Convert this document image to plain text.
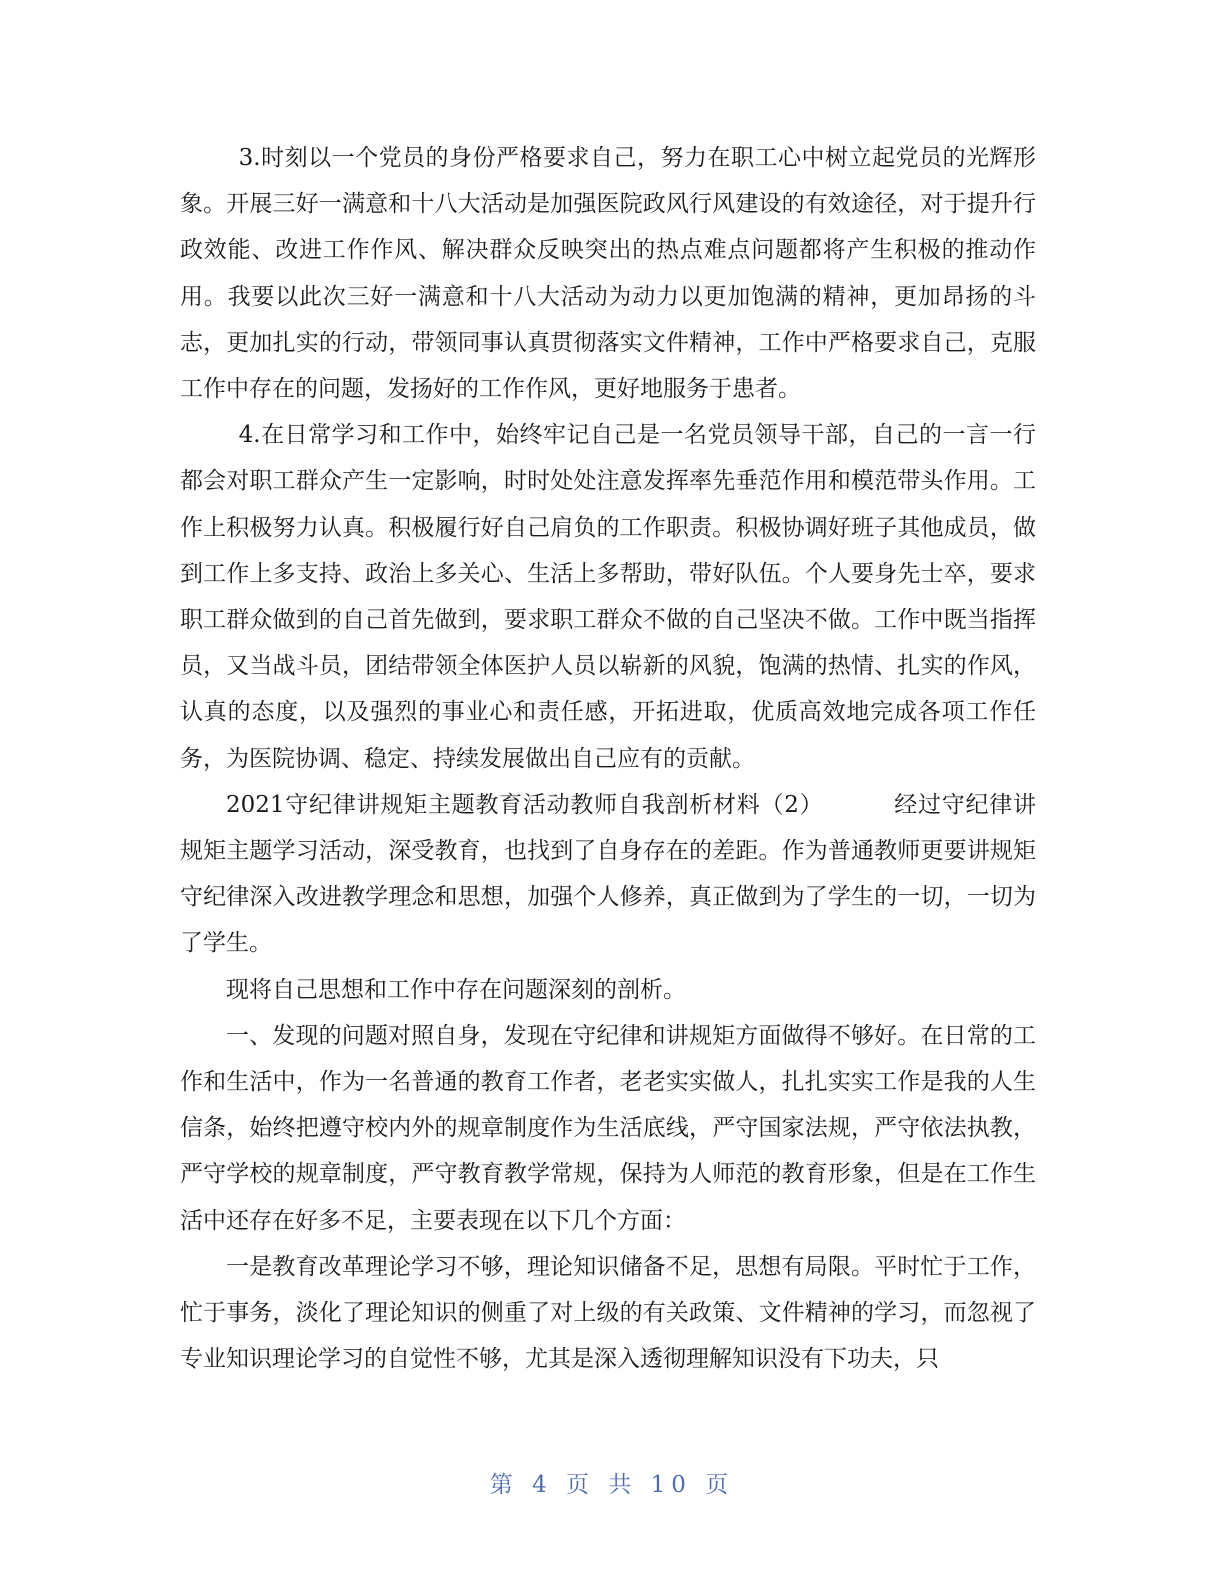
3.时刻以一个党员的身份严格要求自己，努力在职工心中树立起党员的光辉形象。开展三好一满意和十八大活动是加强医院政风行风建设的有效途径，对于提升行政效能、改进工作作风、解决群众反映突出的热点难点问题都将产生积极的推动作用。我要以此次三好一满意和十八大活动为动力以更加饱满的精神，更加昂扬的斗志，更加扎实的行动，带领同事认真贯彻落实文件精神，工作中严格要求自己，克服工作中存在的问题，发扬好的工作作风，更好地服务于患者。

4.在日常学习和工作中，始终牢记自己是一名党员领导干部，自己的一言一行都会对职工群众产生一定影响，时时处处注意发挥率先垂范作用和模范带头作用。工作上积极努力认真。积极履行好自己肩负的工作职责。积极协调好班子其他成员，做到工作上多支持、政治上多关心、生活上多帮助，带好队伍。个人要身先士卒，要求职工群众做到的自己首先做到，要求职工群众不做的自己坚决不做。工作中既当指挥员，又当战斗员，团结带领全体医护人员以崭新的风貌，饱满的热情、扎实的作风，认真的态度，以及强烈的事业心和责任感，开拓进取，优质高效地完成各项工作任务，为医院协调、稳定、持续发展做出自己应有的贡献。

2021守纪律讲规矩主题教育活动教师自我剖析材料（2）	经过守纪律讲规矩主题学习活动，深受教育，也找到了自身存在的差距。作为普通教师更要讲规矩守纪律深入改进教学理念和思想，加强个人修养，真正做到为了学生的一切，一切为了学生。

现将自己思想和工作中存在问题深刻的剖析。

一、发现的问题对照自身，发现在守纪律和讲规矩方面做得不够好。在日常的工作和生活中，作为一名普通的教育工作者，老老实实做人，扎扎实实工作是我的人生信条，始终把遵守校内外的规章制度作为生活底线，严守国家法规，严守依法执教，严守学校的规章制度，严守教育教学常规，保持为人师范的教育形象，但是在工作生活中还存在好多不足，主要表现在以下几个方面：

一是教育改革理论学习不够，理论知识储备不足，思想有局限。平时忙于工作，忙于事务，淡化了理论知识的侧重了对上级的有关政策、文件精神的学习，而忽视了专业知识理论学习的自觉性不够，尤其是深入透彻理解知识没有下功夫，只

第 4 页 共 10 页
